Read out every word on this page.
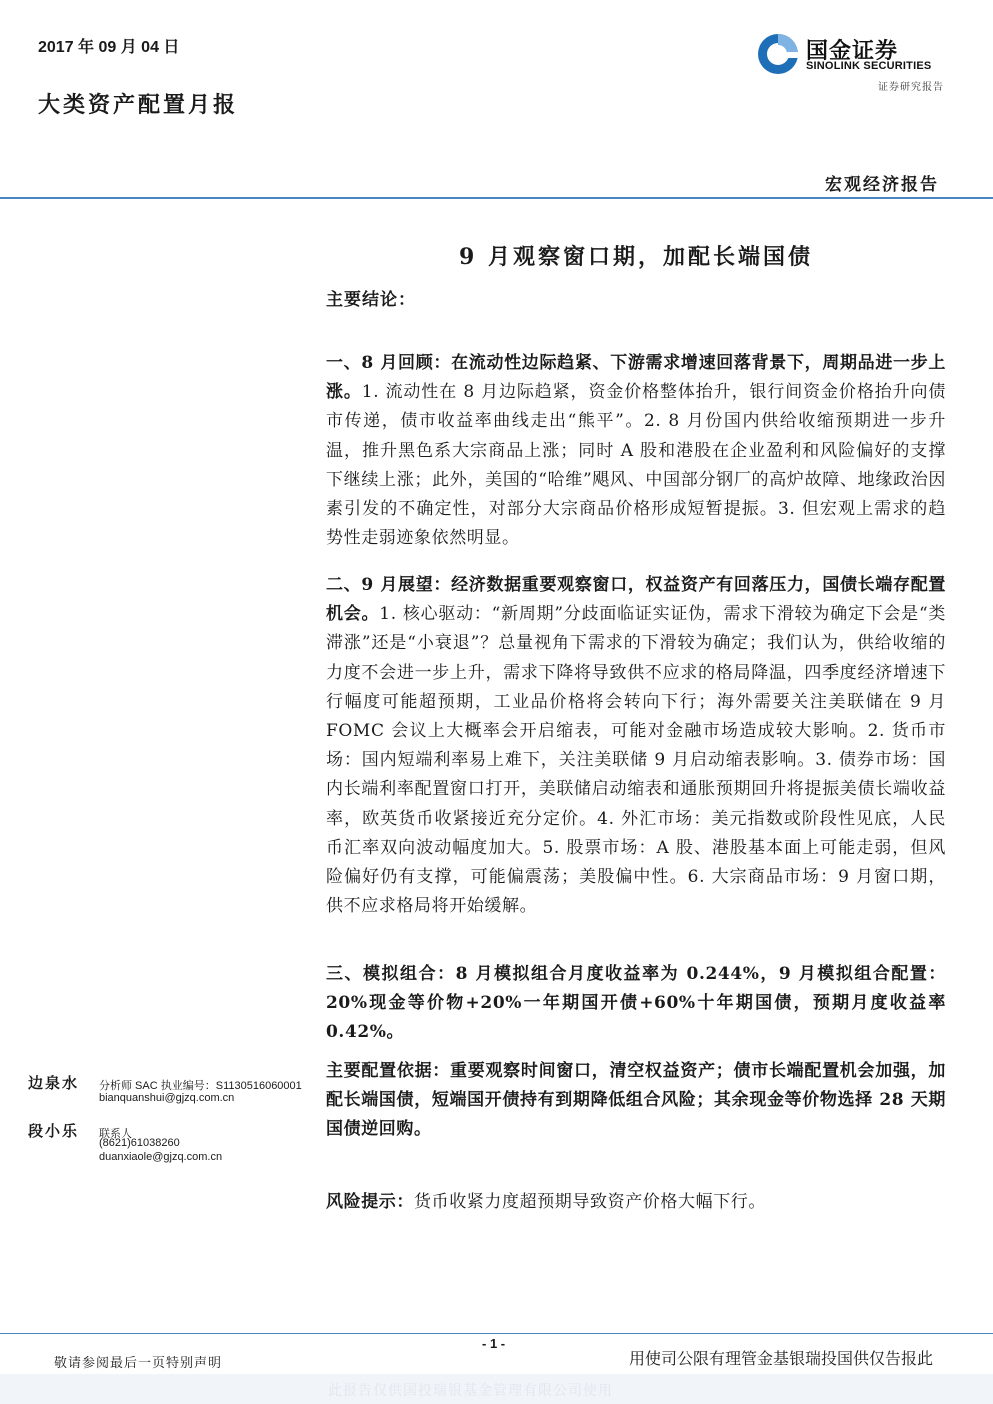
2017 年 09 月 04 日
大类资产配置月报
国金证券
SINOLINK SECURITIES
证券研究报告
宏观经济报告
9 月观察窗口期，加配长端国债
主要结论：
一、8 月回顾：在流动性边际趋紧、下游需求增速回落背景下，周期品进一步上涨。1. 流动性在 8 月边际趋紧，资金价格整体抬升，银行间资金价格抬升向债市传递，债市收益率曲线走出“熊平”。2. 8 月份国内供给收缩预期进一步升温，推升黑色系大宗商品上涨；同时 A 股和港股在企业盈利和风险偏好的支撑下继续上涨；此外，美国的“哈维”飓风、中国部分钢厂的高炉故障、地缘政治因素引发的不确定性，对部分大宗商品价格形成短暂提振。3. 但宏观上需求的趋势性走弱迹象依然明显。
二、9 月展望：经济数据重要观察窗口，权益资产有回落压力，国债长端存配置机会。1. 核心驱动：“新周期”分歧面临证实证伪，需求下滑较为确定下会是“类滞涨”还是“小衰退”？总量视角下需求的下滑较为确定；我们认为，供给收缩的力度不会进一步上升，需求下降将导致供不应求的格局降温，四季度经济增速下行幅度可能超预期，工业品价格将会转向下行；海外需要关注美联储在 9 月 FOMC 会议上大概率会开启缩表，可能对金融市场造成较大影响。2. 货币市场：国内短端利率易上难下，关注美联储 9 月启动缩表影响。3. 债券市场：国内长端利率配置窗口打开，美联储启动缩表和通胀预期回升将提振美债长端收益率，欧英货币收紧接近充分定价。4. 外汇市场：美元指数或阶段性见底，人民币汇率双向波动幅度加大。5. 股票市场：A 股、港股基本面上可能走弱，但风险偏好仍有支撑，可能偏震荡；美股偏中性。6. 大宗商品市场：9 月窗口期，供不应求格局将开始缓解。
三、模拟组合：8 月模拟组合月度收益率为 0.244%，9 月模拟组合配置：20%现金等价物+20%一年期国开债+60%十年期国债，预期月度收益率 0.42%。
主要配置依据：重要观察时间窗口，清空权益资产；债市长端配置机会加强，加配长端国债，短端国开债持有到期降低组合风险；其余现金等价物选择 28 天期国债逆回购。
风险提示：货币收紧力度超预期导致资产价格大幅下行。
边泉水 分析师 SAC 执业编号：S1130516060001
bianquanshui@gjzq.com.cn
段小乐 联系人
(8621)61038260
duanxiaole@gjzq.com.cn
- 1 -
敬请参阅最后一页特别声明	用使司公限有理管金基银瑞投国供仅告报此
此报告仅供国投瑞银基金管理有限公司使用
